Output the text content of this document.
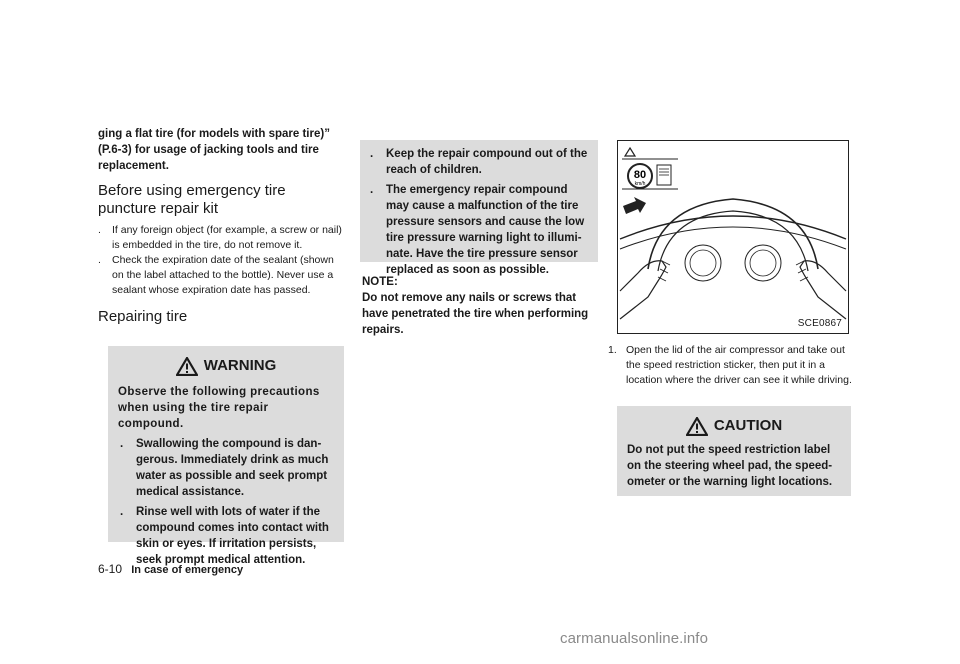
ging a flat tire (for models with spare tire)” (P.6-3) for usage of jacking tools and tire replacement.

Before using emergency tire puncture repair kit
. If any foreign object (for example, a screw or nail) is embedded in the tire, do not remove it.
. Check the expiration date of the sealant (shown on the label attached to the bottle). Never use a sealant whose expiration date has passed.
Repairing tire
WARNING
Observe the following precautions when using the tire repair compound.
. Swallowing the compound is dan-gerous. Immediately drink as much water as possible and seek prompt medical assistance.
. Rinse well with lots of water if the compound comes into contact with skin or eyes. If irritation persists, seek prompt medical attention.
. Keep the repair compound out of the reach of children.
. The emergency repair compound may cause a malfunction of the tire pressure sensors and cause the low tire pressure warning light to illumi-nate. Have the tire pressure sensor replaced as soon as possible.

NOTE:

Do not remove any nails or screws that have penetrated the tire when performing repairs.

80
km/h
SCE0867
1. Open the lid of the air compressor and take out the speed restriction sticker, then put it in a location where the driver can see it while driving.
CAUTION
Do not put the speed restriction label on the steering wheel pad, the speed-ometer or the warning light locations.
6-10 In case of emergency
carmanualsonline.info
